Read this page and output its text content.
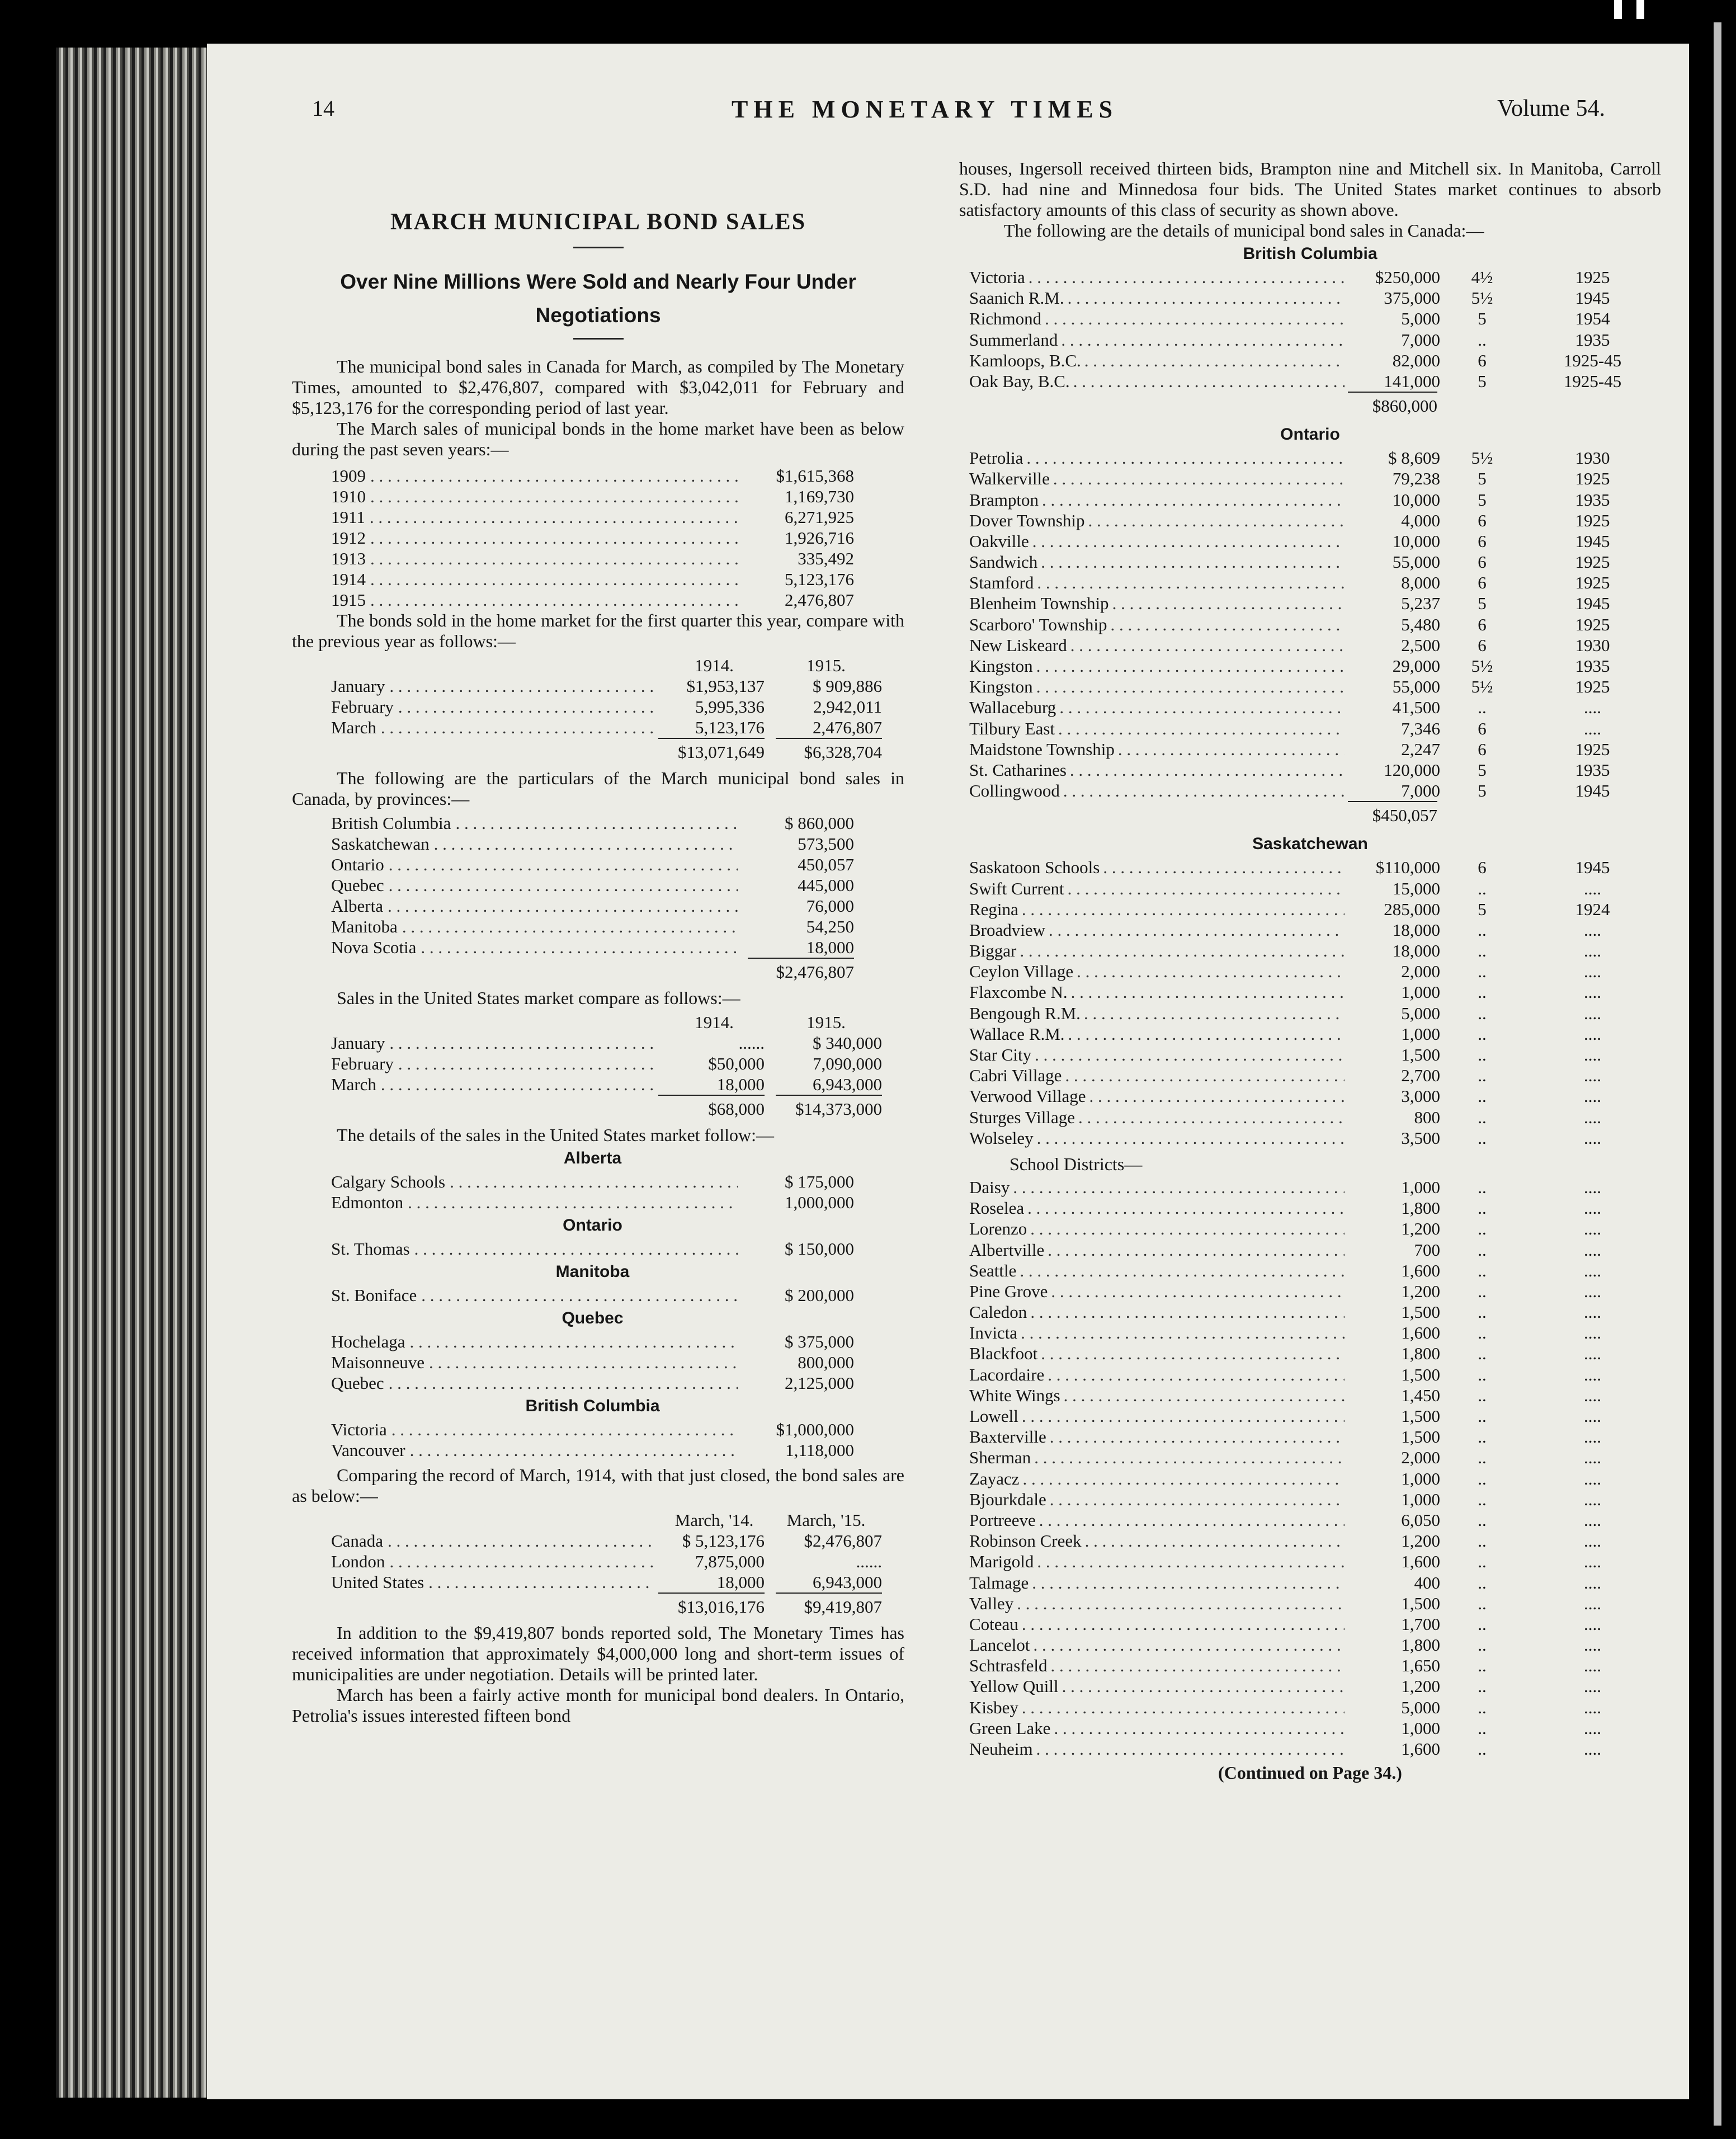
14	THE MONETARY TIMES	Volume 54.
MARCH MUNICIPAL BOND SALES
Over Nine Millions Were Sold and Nearly Four Under
Negotiations

The municipal bond sales in Canada for March, as compiled by The Monetary Times, amounted to $2,476,807, compared with $3,042,011 for February and $5,123,176 for the corresponding period of last year.

The March sales of municipal bonds in the home market have been as below during the past seven years:—

1909 . . .	$1,615,368
1910 . . .	1,169,730
1911 . . .	6,271,925
1912 . . .	1,926,716
1913 . . .	335,492
1914 . . .	5,123,176
1915 . . .	2,476,807

The bonds sold in the home market for the first quarter this year, compare with the previous year as follows:—

1914.	1915.
January . . .	$1,953,137	$ 909,886
February . . .	5,995,336	2,942,011
March . . .	5,123,176	2,476,807
$13,071,649	$6,328,704

The following are the particulars of the March municipal bond sales in Canada, by provinces:—

British Columbia . . .	$ 860,000
Saskatchewan . . .	573,500
Ontario . . .	450,057
Quebec . . .	445,000
Alberta . . .	76,000
Manitoba . . .	54,250
Nova Scotia . . .	18,000
$2,476,807

Sales in the United States market compare as follows:—

1914.	1915.
January . . .	......	$ 340,000
February . . .	$50,000	7,090,000
March . . .	18,000	6,943,000
$68,000	$14,373,000

The details of the sales in the United States market follow:—

Alberta
Calgary Schools . . .	$ 175,000
Edmonton . . .	1,000,000
Ontario
St. Thomas . . .	$ 150,000
Manitoba
St. Boniface . . .	$ 200,000
Quebec
Hochelaga . . .	$ 375,000
Maisonneuve . . .	800,000
Quebec . . .	2,125,000
British Columbia
Victoria . . .	$1,000,000
Vancouver . . .	1,118,000

Comparing the record of March, 1914, with that just closed, the bond sales are as below:—

March, '14.	March, '15.
Canada . . .	$ 5,123,176	$2,476,807
London . . .	7,875,000	......
United States . . .	18,000	6,943,000
$13,016,176	$9,419,807

In addition to the $9,419,807 bonds reported sold, The Monetary Times has received information that approximately $4,000,000 long and short-term issues of municipalities are under negotiation. Details will be printed later.

March has been a fairly active month for municipal bond dealers. In Ontario, Petrolia's issues interested fifteen bond

houses, Ingersoll received thirteen bids, Brampton nine and Mitchell six. In Manitoba, Carroll S.D. had nine and Minnedosa four bids. The United States market continues to absorb satisfactory amounts of this class of security as shown above.

The following are the details of municipal bond sales in Canada:—

British Columbia
Victoria . . .	$250,000	4½	1925
Saanich R.M. . . .	375,000	5½	1945
Richmond . . .	5,000	5	1954
Summerland . . .	7,000	..	1935
Kamloops, B.C. . . .	82,000	6	1925-45
Oak Bay, B.C. . . .	141,000	5	1925-45
$860,000
Ontario
Petrolia . . .	$ 8,609	5½	1930
Walkerville . . .	79,238	5	1925
Brampton . . .	10,000	5	1935
Dover Township . . .	4,000	6	1925
Oakville . . .	10,000	6	1945
Sandwich . . .	55,000	6	1925
Stamford . . .	8,000	6	1925
Blenheim Township . . .	5,237	5	1945
Scarboro' Township . . .	5,480	6	1925
New Liskeard . . .	2,500	6	1930
Kingston . . .	29,000	5½	1935
Kingston . . .	55,000	5½	1925
Wallaceburg . . .	41,500	..	....
Tilbury East . . .	7,346	6	....
Maidstone Township . . .	2,247	6	1925
St. Catharines . . .	120,000	5	1935
Collingwood . . .	7,000	5	1945
$450,057
Saskatchewan
Saskatoon Schools . . .	$110,000	6	1945
Swift Current . . .	15,000	..	....
Regina . . .	285,000	5	1924
Broadview . . .	18,000	..	....
Biggar . . .	18,000	..	....
Ceylon Village . . .	2,000	..	....
Flaxcombe N. . . .	1,000	..	....
Bengough R.M. . . .	5,000	..	....
Wallace R.M. . . .	1,000	..	....
Star City . . .	1,500	..	....
Cabri Village . . .	2,700	..	....
Verwood Village . . .	3,000	..	....
Sturges Village . . .	800	..	....
Wolseley . . .	3,500	..	....
School Districts—
Daisy . . .	1,000	..	....
Roselea . . .	1,800	..	....
Lorenzo . . .	1,200	..	....
Albertville . . .	700	..	....
Seattle . . .	1,600	..	....
Pine Grove . . .	1,200	..	....
Caledon . . .	1,500	..	....
Invicta . . .	1,600	..	....
Blackfoot . . .	1,800	..	....
Lacordaire . . .	1,500	..	....
White Wings . . .	1,450	..	....
Lowell . . .	1,500	..	....
Baxterville . . .	1,500	..	....
Sherman . . .	2,000	..	....
Zayacz . . .	1,000	..	....
Bjourkdale . . .	1,000	..	....
Portreeve . . .	6,050	..	....
Robinson Creek . . .	1,200	..	....
Marigold . . .	1,600	..	....
Talmage . . .	400	..	....
Valley . . .	1,500	..	....
Coteau . . .	1,700	..	....
Lancelot . . .	1,800	..	....
Schtrasfeld . . .	1,650	..	....
Yellow Quill . . .	1,200	..	....
Kisbey . . .	5,000	..	....
Green Lake . . .	1,000	..	....
Neuheim . . .	1,600	..	....
(Continued on Page 34.)
